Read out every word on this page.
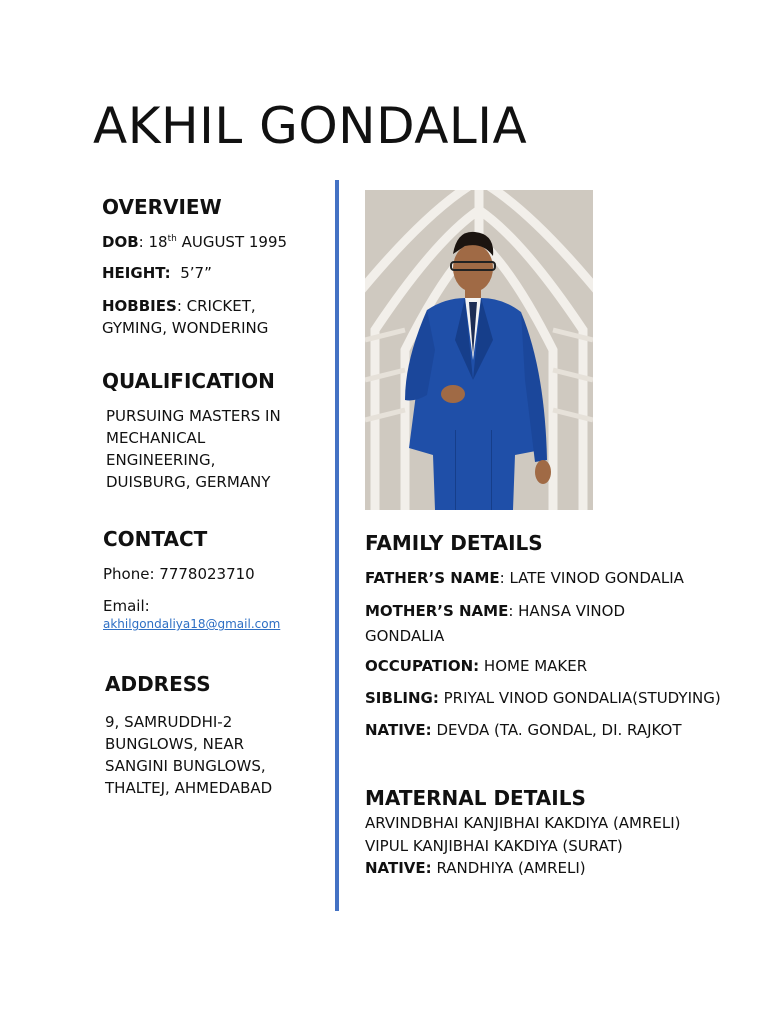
AKHIL GONDALIA
OVERVIEW
DOB: 18th AUGUST 1995
HEIGHT: 5’7”
HOBBIES: CRICKET,
GYMING, WONDERING
QUALIFICATION
PURSUING MASTERS IN
MECHANICAL
ENGINEERING,
DUISBURG, GERMANY
CONTACT
Phone: 7778023710
Email:
akhilgondaliya18@gmail.com
ADDRESS
9, SAMRUDDHI-2
BUNGLOWS, NEAR
SANGINI BUNGLOWS,
THALTEJ, AHMEDABAD
FAMILY DETAILS
FATHER’S NAME: LATE VINOD GONDALIA
MOTHER’S NAME: HANSA VINOD
GONDALIA
OCCUPATION: HOME MAKER
SIBLING: PRIYAL VINOD GONDALIA(STUDYING)
NATIVE: DEVDA (TA. GONDAL, DI. RAJKOT
MATERNAL DETAILS
ARVINDBHAI KANJIBHAI KAKDIYA (AMRELI)
VIPUL KANJIBHAI KAKDIYA (SURAT)
NATIVE: RANDHIYA (AMRELI)
